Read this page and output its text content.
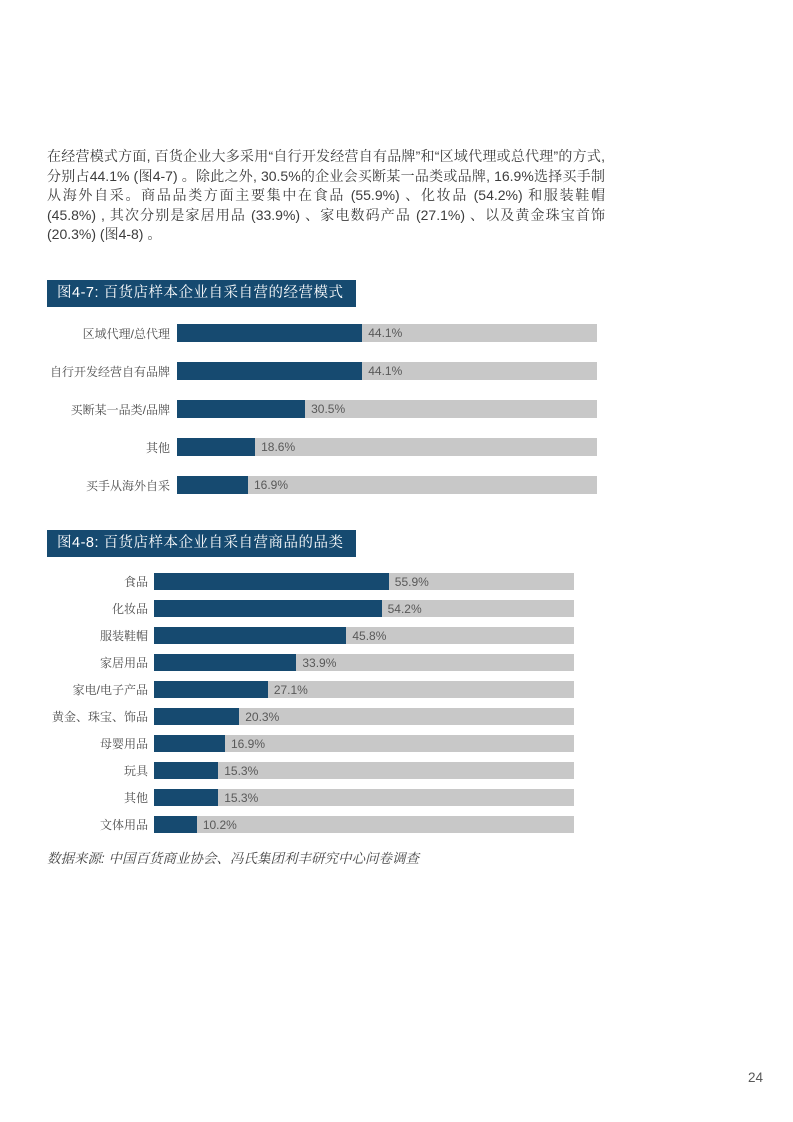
在经营模式方面, 百货企业大多采用“自行开发经营自有品牌”和“区域代理或总代理”的方式, 分别占44.1% (图4-7) 。除此之外, 30.5%的企业会买断某一品类或品牌, 16.9%选择买手制从海外自采。商品品类方面主要集中在食品 (55.9%) 、化妆品 (54.2%) 和服装鞋帽 (45.8%) , 其次分别是家居用品 (33.9%) 、家电数码产品 (27.1%) 、以及黄金珠宝首饰 (20.3%) (图4-8) 。

图4-7: 百货店样本企业自采自营的经营模式
区域代理/总代理	44.1%
自行开发经营自有品牌	44.1%
买断某一品类/品牌	30.5%
其他	18.6%
买手从海外自采	16.9%
图4-8: 百货店样本企业自采自营商品的品类
食品	55.9%
化妆品	54.2%
服装鞋帽	45.8%
家居用品	33.9%
家电/电子产品	27.1%
黄金、珠宝、饰品	20.3%
母婴用品	16.9%
玩具	15.3%
其他	15.3%
文体用品	10.2%

数据来源: 中国百货商业协会、冯氏集团利丰研究中心问卷调查

24
